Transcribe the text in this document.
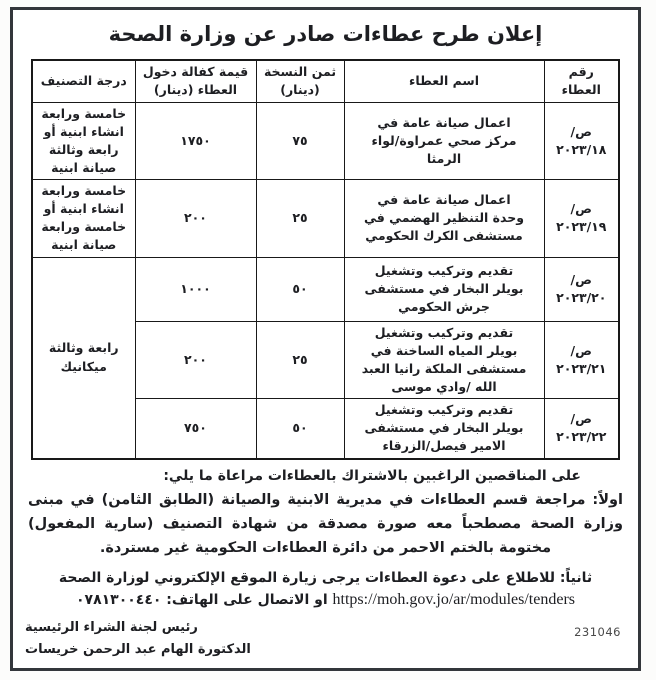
إعلان طرح عطاءات صادر عن وزارة الصحة
رقم العطاء	اسم العطاء	ثمن النسخة (دينار)	قيمة كفالة دخول العطاء (دينار)	درجة التصنيف
ص/٢٠٢٣/١٨	اعمال صيانة عامة في مركز صحي عمراوة/لواء الرمثا	٧٥	١٧٥٠	خامسة ورابعة انشاء ابنية أو رابعة وثالثة صيانة ابنية
ص/٢٠٢٣/١٩	اعمال صيانة عامة في وحدة التنظير الهضمي في مستشفى الكرك الحكومي	٢٥	٢٠٠	خامسة ورابعة انشاء ابنية أو خامسة ورابعة صيانة ابنية
ص/٢٠٢٣/٢٠	تقديم وتركيب وتشغيل بويلر البخار في مستشفى جرش الحكومي	٥٠	١٠٠٠	رابعة وثالثة ميكانيك
ص/٢٠٢٣/٢١	تقديم وتركيب وتشغيل بويلر المياه الساخنة في مستشفى الملكة رانيا العبد الله /وادي موسى	٢٥	٢٠٠	
ص/٢٠٢٣/٢٢	تقديم وتركيب وتشغيل بويلر البخار في مستشفى الامير فيصل/الزرقاء	٥٠	٧٥٠	
على المناقصين الراغبين بالاشتراك بالعطاءات مراعاة ما يلي:
اولاً: مراجعة قسم العطاءات في مديرية الابنية والصيانة (الطابق الثامن) في مبنى وزارة الصحة مصطحباً معه صورة مصدقة من شهادة التصنيف (سارية المفعول) مختومة بالختم الاحمر من دائرة العطاءات الحكومية غير مستردة.
ثانياً: للاطلاع على دعوة العطاءات يرجى زيارة الموقع الإلكتروني لوزارة الصحة
https://moh.gov.jo/ar/modules/tenders او الاتصال على الهاتف: ٠٧٨١٣٠٠٤٤٠
رئيس لجنة الشراء الرئيسية
الدكتورة الهام عبد الرحمن خريسات
231046
